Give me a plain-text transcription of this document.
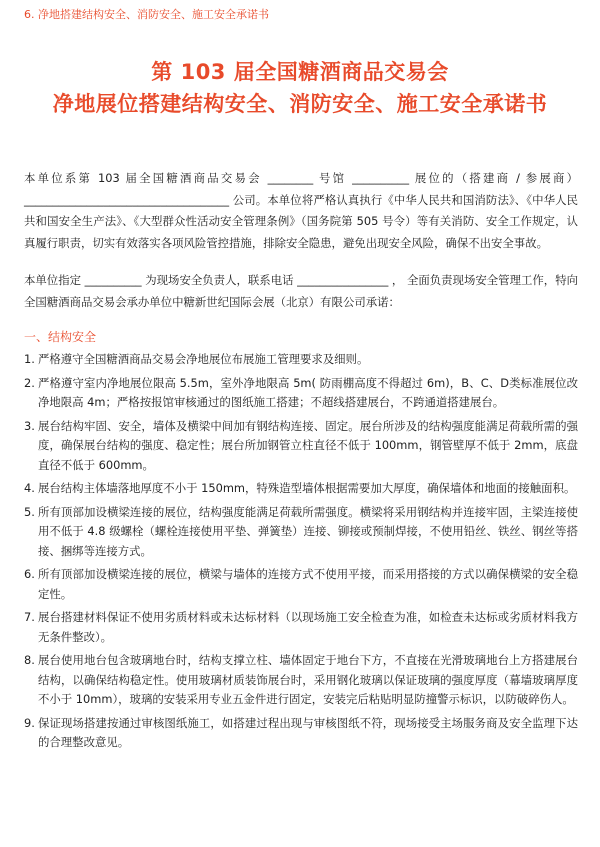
6. 净地搭建结构安全、消防安全、施工安全承诺书
第 103 届全国糖酒商品交易会
净地展位搭建结构安全、消防安全、施工安全承诺书

本单位系第 103 届全国糖酒商品交易会 ________ 号馆 __________ 展位的（搭建商 / 参展商）____________________________________ 公司。本单位将严格认真执行《中华人民共和国消防法》、《中华人民共和国安全生产法》、《大型群众性活动安全管理条例》（国务院第 505 号令）等有关消防、安全工作规定，认真履行职责，切实有效落实各项风险管控措施，排除安全隐患，避免出现安全风险，确保不出安全事故。

本单位指定 __________ 为现场安全负责人，联系电话 ________________ ， 全面负责现场安全管理工作，特向全国糖酒商品交易会承办单位中糖新世纪国际会展（北京）有限公司承诺：

一、结构安全
1. 严格遵守全国糖酒商品交易会净地展位布展施工管理要求及细则。
2. 严格遵守室内净地展位限高 5.5m，室外净地限高 5m( 防雨棚高度不得超过 6m)，B、C、D类标准展位改净地限高 4m；严格按报馆审核通过的图纸施工搭建；不超线搭建展台，不跨通道搭建展台。
3. 展台结构牢固、安全，墙体及横梁中间加有钢结构连接、固定。展台所涉及的结构强度能满足荷载所需的强度，确保展台结构的强度、稳定性；展台所加钢管立柱直径不低于 100mm，钢管壁厚不低于 2mm，底盘直径不低于 600mm。
4. 展台结构主体墙落地厚度不小于 150mm，特殊造型墙体根据需要加大厚度，确保墙体和地面的接触面积。
5. 所有顶部加设横梁连接的展位，结构强度能满足荷载所需强度。横梁将采用钢结构并连接牢固，主梁连接使用不低于 4.8 级螺栓（螺栓连接使用平垫、弹簧垫）连接、铆接或预制焊接，不使用铅丝、铁丝、钢丝等搭接、捆绑等连接方式。
6. 所有顶部加设横梁连接的展位，横梁与墙体的连接方式不使用平接，而采用搭接的方式以确保横梁的安全稳定性。
7. 展台搭建材料保证不使用劣质材料或未达标材料（以现场施工安全检查为准，如检查未达标或劣质材料我方无条件整改）。
8. 展台使用地台包含玻璃地台时，结构支撑立柱、墙体固定于地台下方，不直接在光滑玻璃地台上方搭建展台结构，以确保结构稳定性。使用玻璃材质装饰展台时，采用钢化玻璃以保证玻璃的强度厚度（幕墙玻璃厚度不小于 10mm），玻璃的安装采用专业五金件进行固定，安装完后粘贴明显防撞警示标识，以防破碎伤人。
9. 保证现场搭建按通过审核图纸施工，如搭建过程出现与审核图纸不符，现场接受主场服务商及安全监理下达的合理整改意见。
